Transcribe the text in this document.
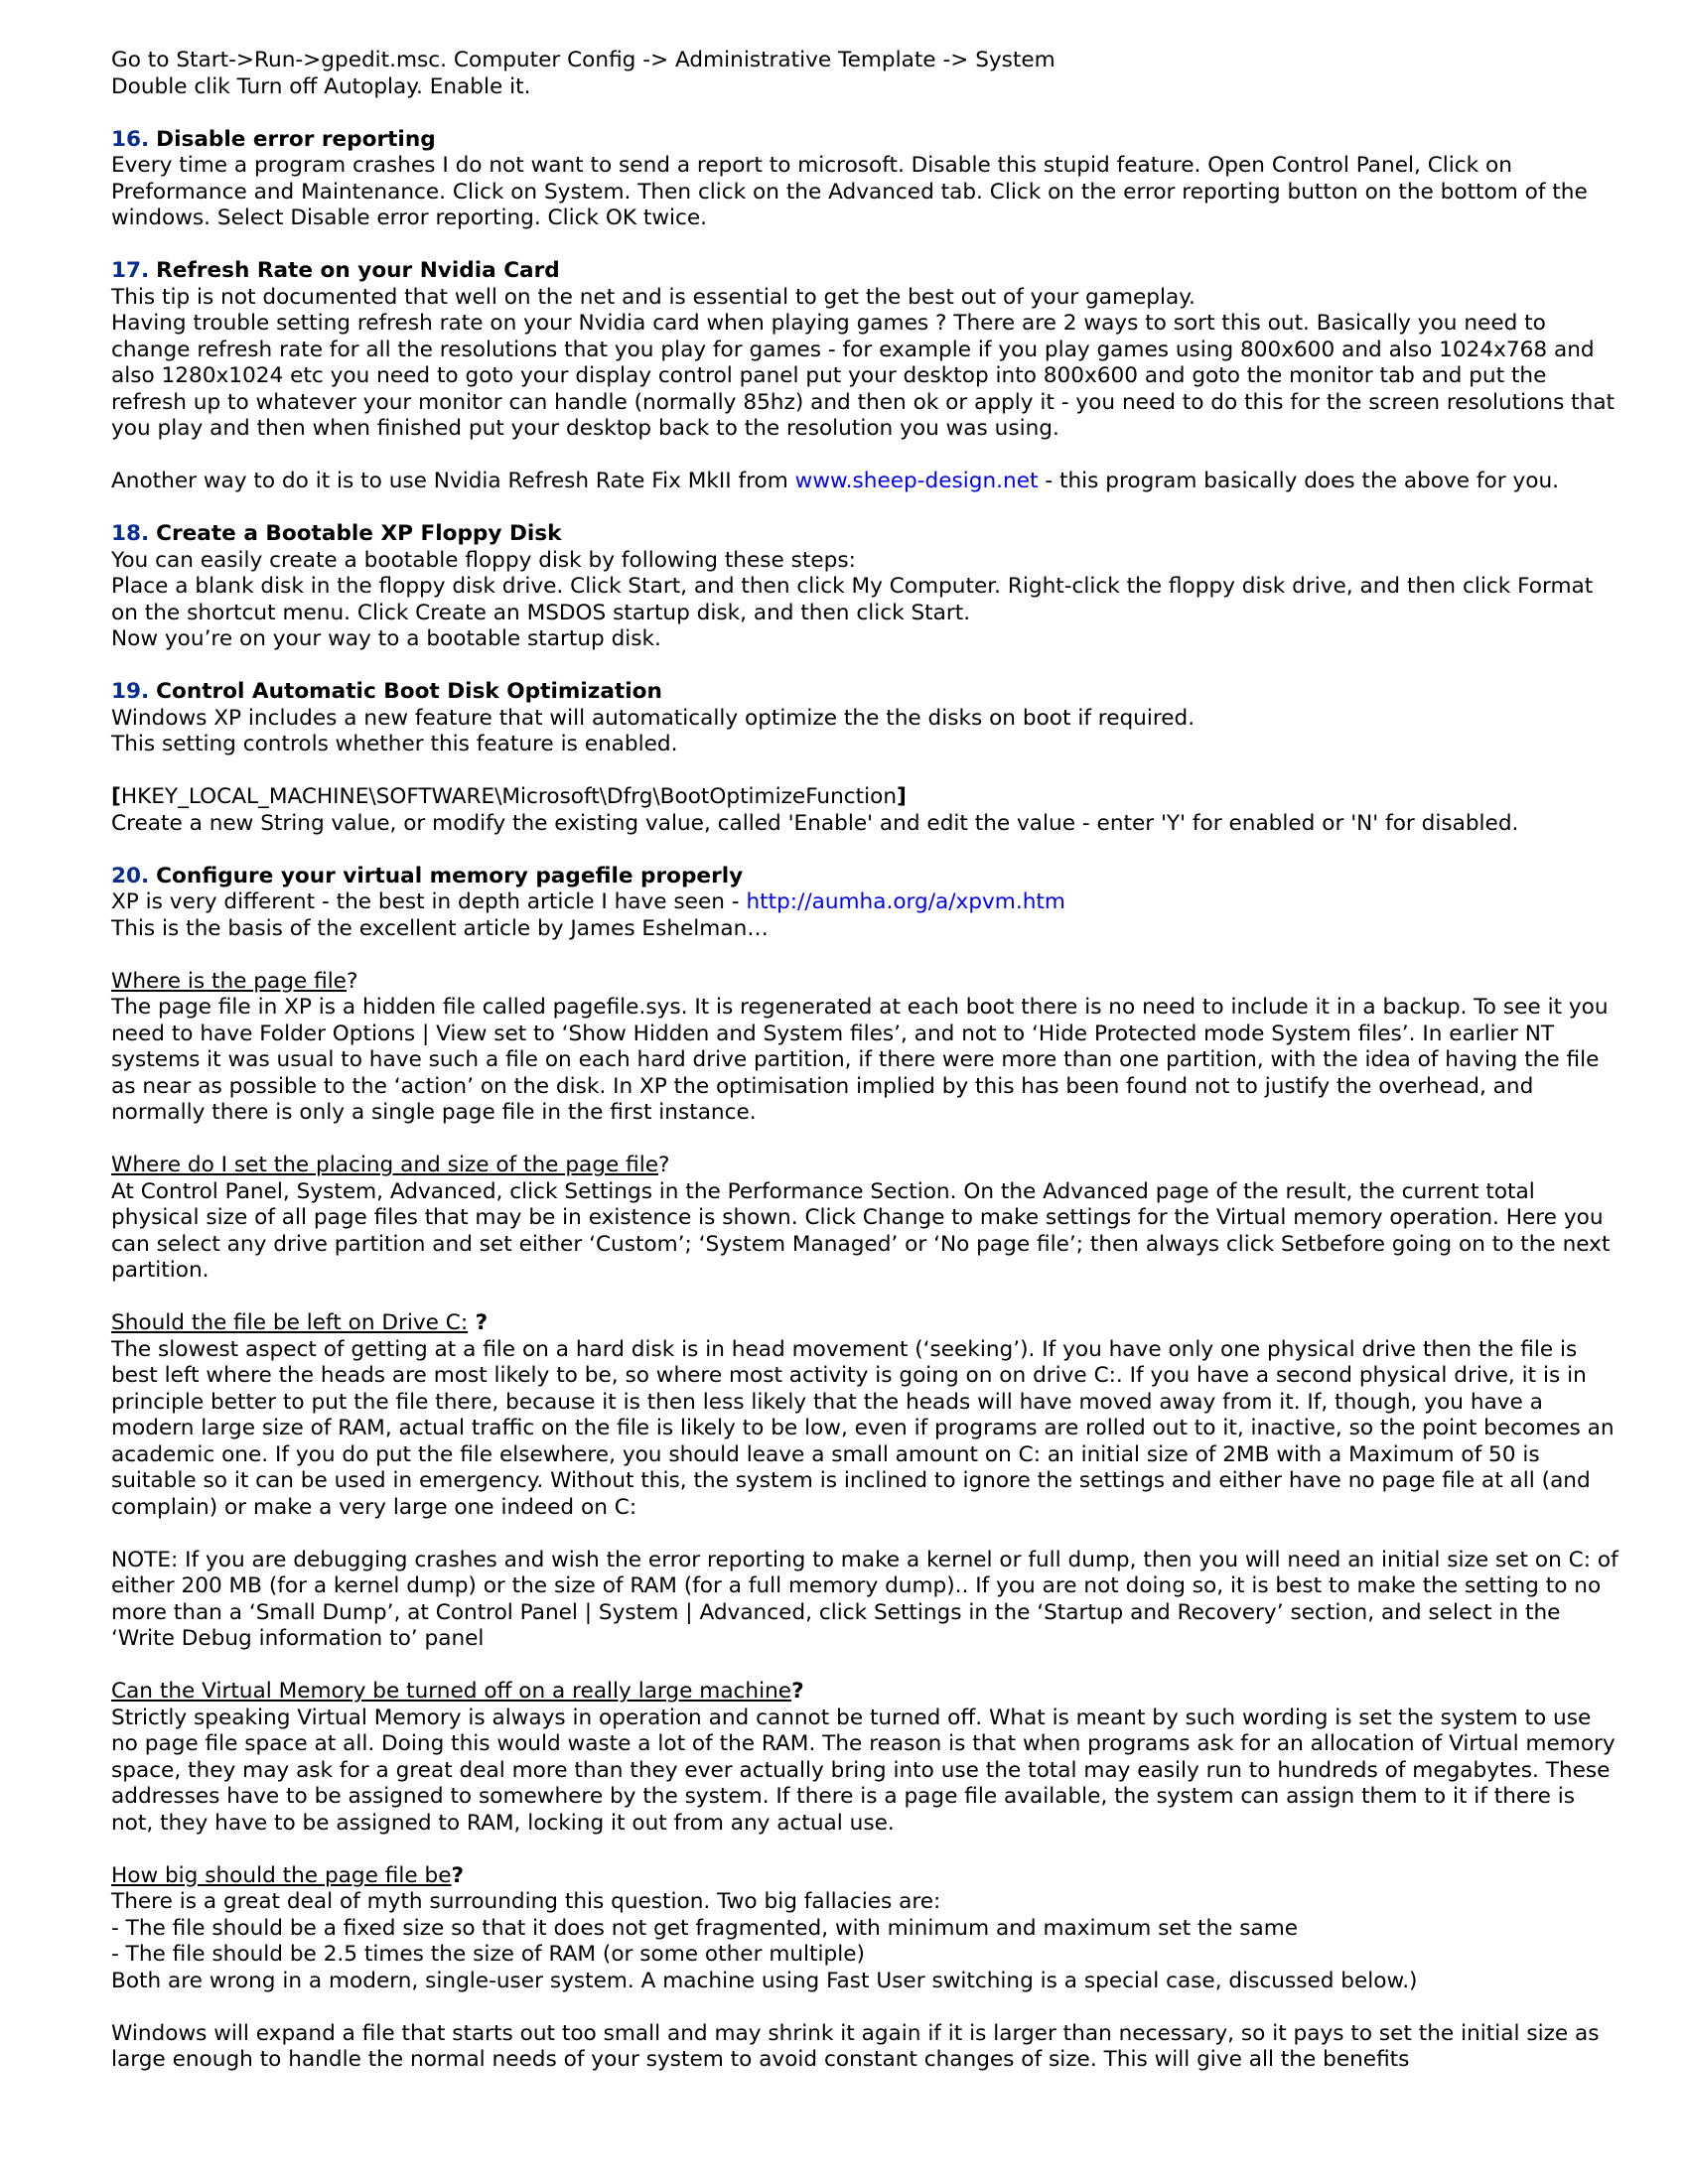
Go to Start->Run->gpedit.msc. Computer Config -> Administrative Template -> System

Double clik Turn off Autoplay. Enable it.

16. Disable error reporting

Every time a program crashes I do not want to send a report to microsoft. Disable this stupid feature. Open Control Panel, Click on Preformance and Maintenance. Click on System. Then click on the Advanced tab. Click on the error reporting button on the bottom of the windows. Select Disable error reporting. Click OK twice.

17. Refresh Rate on your Nvidia Card

This tip is not documented that well on the net and is essential to get the best out of your gameplay.

Having trouble setting refresh rate on your Nvidia card when playing games ? There are 2 ways to sort this out. Basically you need to change refresh rate for all the resolutions that you play for games - for example if you play games using 800x600 and also 1024x768 and also 1280x1024 etc you need to goto your display control panel put your desktop into 800x600 and goto the monitor tab and put the refresh up to whatever your monitor can handle (normally 85hz) and then ok or apply it - you need to do this for the screen resolutions that you play and then when finished put your desktop back to the resolution you was using.

Another way to do it is to use Nvidia Refresh Rate Fix MkII from www.sheep-design.net - this program basically does the above for you.

18. Create a Bootable XP Floppy Disk

You can easily create a bootable floppy disk by following these steps:

Place a blank disk in the floppy disk drive. Click Start, and then click My Computer. Right-click the floppy disk drive, and then click Format on the shortcut menu. Click Create an MSDOS startup disk, and then click Start.

Now you’re on your way to a bootable startup disk.

19. Control Automatic Boot Disk Optimization

Windows XP includes a new feature that will automatically optimize the the disks on boot if required.

This setting controls whether this feature is enabled.

[HKEY_LOCAL_MACHINE\SOFTWARE\Microsoft\Dfrg\BootOptimizeFunction]

Create a new String value, or modify the existing value, called 'Enable' and edit the value - enter 'Y' for enabled or 'N' for disabled.

20. Configure your virtual memory pagefile properly

XP is very different - the best in depth article I have seen - http://aumha.org/a/xpvm.htm

This is the basis of the excellent article by James Eshelman…

Where is the page file?

The page file in XP is a hidden file called pagefile.sys. It is regenerated at each boot there is no need to include it in a backup. To see it you need to have Folder Options | View set to ‘Show Hidden and System files’, and not to ‘Hide Protected mode System files’. In earlier NT systems it was usual to have such a file on each hard drive partition, if there were more than one partition, with the idea of having the file as near as possible to the ‘action’ on the disk. In XP the optimisation implied by this has been found not to justify the overhead, and normally there is only a single page file in the first instance.

Where do I set the placing and size of the page file?

At Control Panel, System, Advanced, click Settings in the Performance Section. On the Advanced page of the result, the current total physical size of all page files that may be in existence is shown. Click Change to make settings for the Virtual memory operation. Here you can select any drive partition and set either ‘Custom’; ‘System Managed’ or ‘No page file’; then always click Setbefore going on to the next partition.

Should the file be left on Drive C: ?

The slowest aspect of getting at a file on a hard disk is in head movement (‘seeking’). If you have only one physical drive then the file is best left where the heads are most likely to be, so where most activity is going on on drive C:. If you have a second physical drive, it is in principle better to put the file there, because it is then less likely that the heads will have moved away from it. If, though, you have a modern large size of RAM, actual traffic on the file is likely to be low, even if programs are rolled out to it, inactive, so the point becomes an academic one. If you do put the file elsewhere, you should leave a small amount on C: an initial size of 2MB with a Maximum of 50 is suitable so it can be used in emergency. Without this, the system is inclined to ignore the settings and either have no page file at all (and complain) or make a very large one indeed on C:

NOTE: If you are debugging crashes and wish the error reporting to make a kernel or full dump, then you will need an initial size set on C: of either 200 MB (for a kernel dump) or the size of RAM (for a full memory dump).. If you are not doing so, it is best to make the setting to no more than a ‘Small Dump’, at Control Panel | System | Advanced, click Settings in the ‘Startup and Recovery’ section, and select in the ‘Write Debug information to’ panel

Can the Virtual Memory be turned off on a really large machine?

Strictly speaking Virtual Memory is always in operation and cannot be turned off. What is meant by such wording is set the system to use no page file space at all. Doing this would waste a lot of the RAM. The reason is that when programs ask for an allocation of Virtual memory space, they may ask for a great deal more than they ever actually bring into use the total may easily run to hundreds of megabytes. These addresses have to be assigned to somewhere by the system. If there is a page file available, the system can assign them to it if there is not, they have to be assigned to RAM, locking it out from any actual use.

How big should the page file be?

There is a great deal of myth surrounding this question. Two big fallacies are:

- The file should be a fixed size so that it does not get fragmented, with minimum and maximum set the same

- The file should be 2.5 times the size of RAM (or some other multiple)

Both are wrong in a modern, single-user system. A machine using Fast User switching is a special case, discussed below.)

Windows will expand a file that starts out too small and may shrink it again if it is larger than necessary, so it pays to set the initial size as large enough to handle the normal needs of your system to avoid constant changes of size. This will give all the benefits
